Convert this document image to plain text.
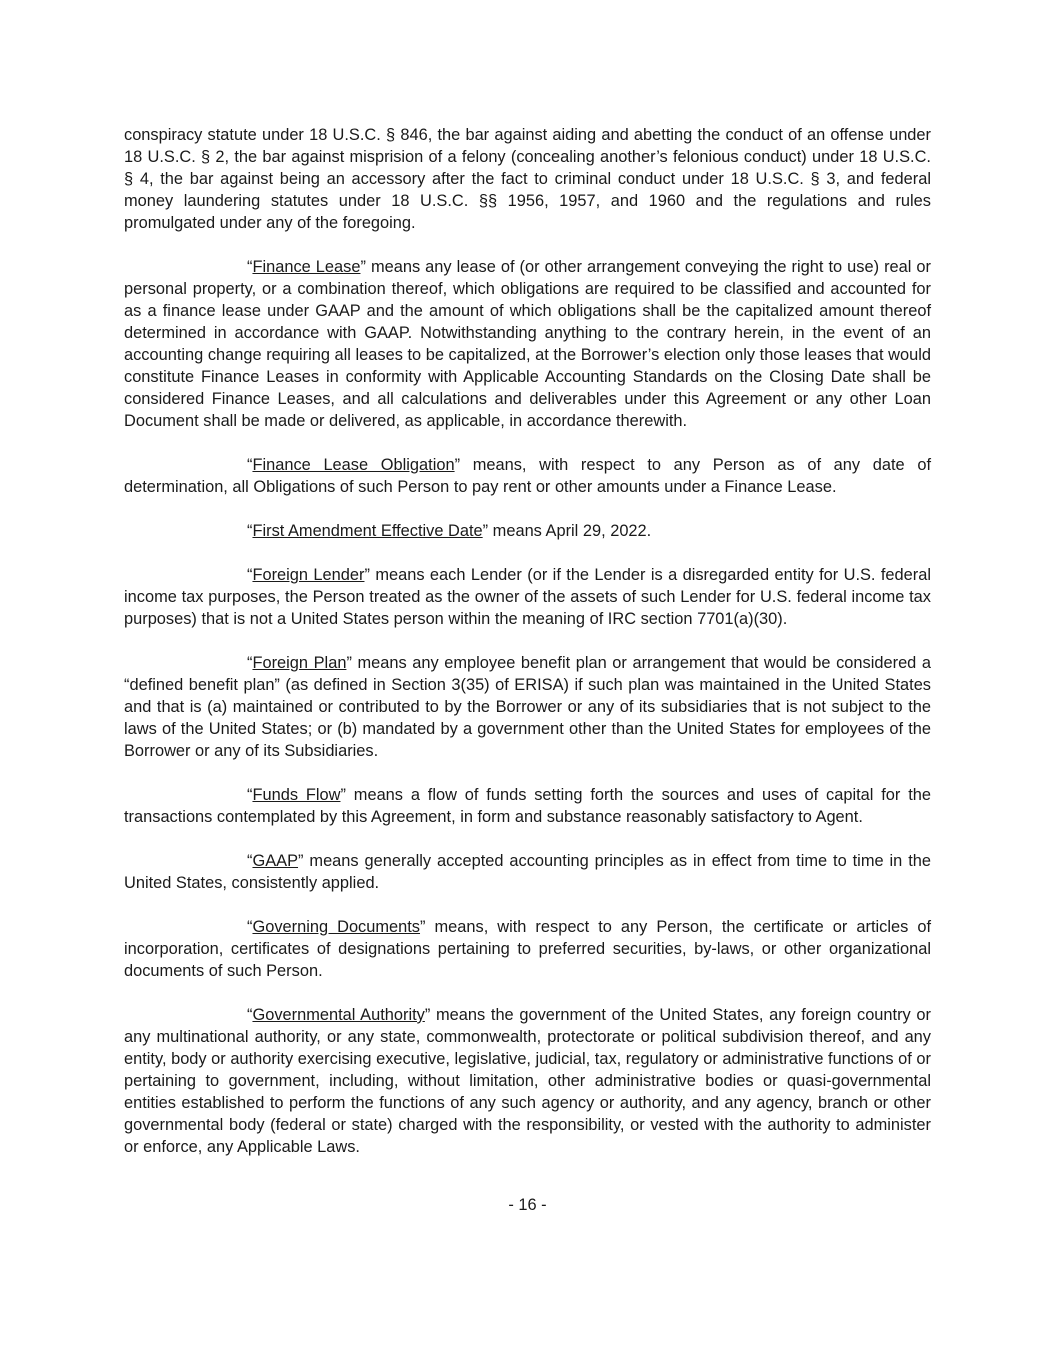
conspiracy statute under 18 U.S.C. § 846, the bar against aiding and abetting the conduct of an offense under 18 U.S.C. § 2, the bar against misprision of a felony (concealing another’s felonious conduct) under 18 U.S.C. § 4, the bar against being an accessory after the fact to criminal conduct under 18 U.S.C. § 3, and federal money laundering statutes under 18 U.S.C. §§ 1956, 1957, and 1960 and the regulations and rules promulgated under any of the foregoing.

“Finance Lease” means any lease of (or other arrangement conveying the right to use) real or personal property, or a combination thereof, which obligations are required to be classified and accounted for as a finance lease under GAAP and the amount of which obligations shall be the capitalized amount thereof determined in accordance with GAAP. Notwithstanding anything to the contrary herein, in the event of an accounting change requiring all leases to be capitalized, at the Borrower’s election only those leases that would constitute Finance Leases in conformity with Applicable Accounting Standards on the Closing Date shall be considered Finance Leases, and all calculations and deliverables under this Agreement or any other Loan Document shall be made or delivered, as applicable, in accordance therewith.

“Finance Lease Obligation” means, with respect to any Person as of any date of determination, all Obligations of such Person to pay rent or other amounts under a Finance Lease.

“First Amendment Effective Date” means April 29, 2022.

“Foreign Lender” means each Lender (or if the Lender is a disregarded entity for U.S. federal income tax purposes, the Person treated as the owner of the assets of such Lender for U.S. federal income tax purposes) that is not a United States person within the meaning of IRC section 7701(a)(30).

“Foreign Plan” means any employee benefit plan or arrangement that would be considered a “defined benefit plan” (as defined in Section 3(35) of ERISA) if such plan was maintained in the United States and that is (a) maintained or contributed to by the Borrower or any of its subsidiaries that is not subject to the laws of the United States; or (b) mandated by a government other than the United States for employees of the Borrower or any of its Subsidiaries.

“Funds Flow” means a flow of funds setting forth the sources and uses of capital for the transactions contemplated by this Agreement, in form and substance reasonably satisfactory to Agent.

“GAAP” means generally accepted accounting principles as in effect from time to time in the United States, consistently applied.

“Governing Documents” means, with respect to any Person, the certificate or articles of incorporation, certificates of designations pertaining to preferred securities, by-laws, or other organizational documents of such Person.

“Governmental Authority” means the government of the United States, any foreign country or any multinational authority, or any state, commonwealth, protectorate or political subdivision thereof, and any entity, body or authority exercising executive, legislative, judicial, tax, regulatory or administrative functions of or pertaining to government, including, without limitation, other administrative bodies or quasi-governmental entities established to perform the functions of any such agency or authority, and any agency, branch or other governmental body (federal or state) charged with the responsibility, or vested with the authority to administer or enforce, any Applicable Laws.

- 16 -
